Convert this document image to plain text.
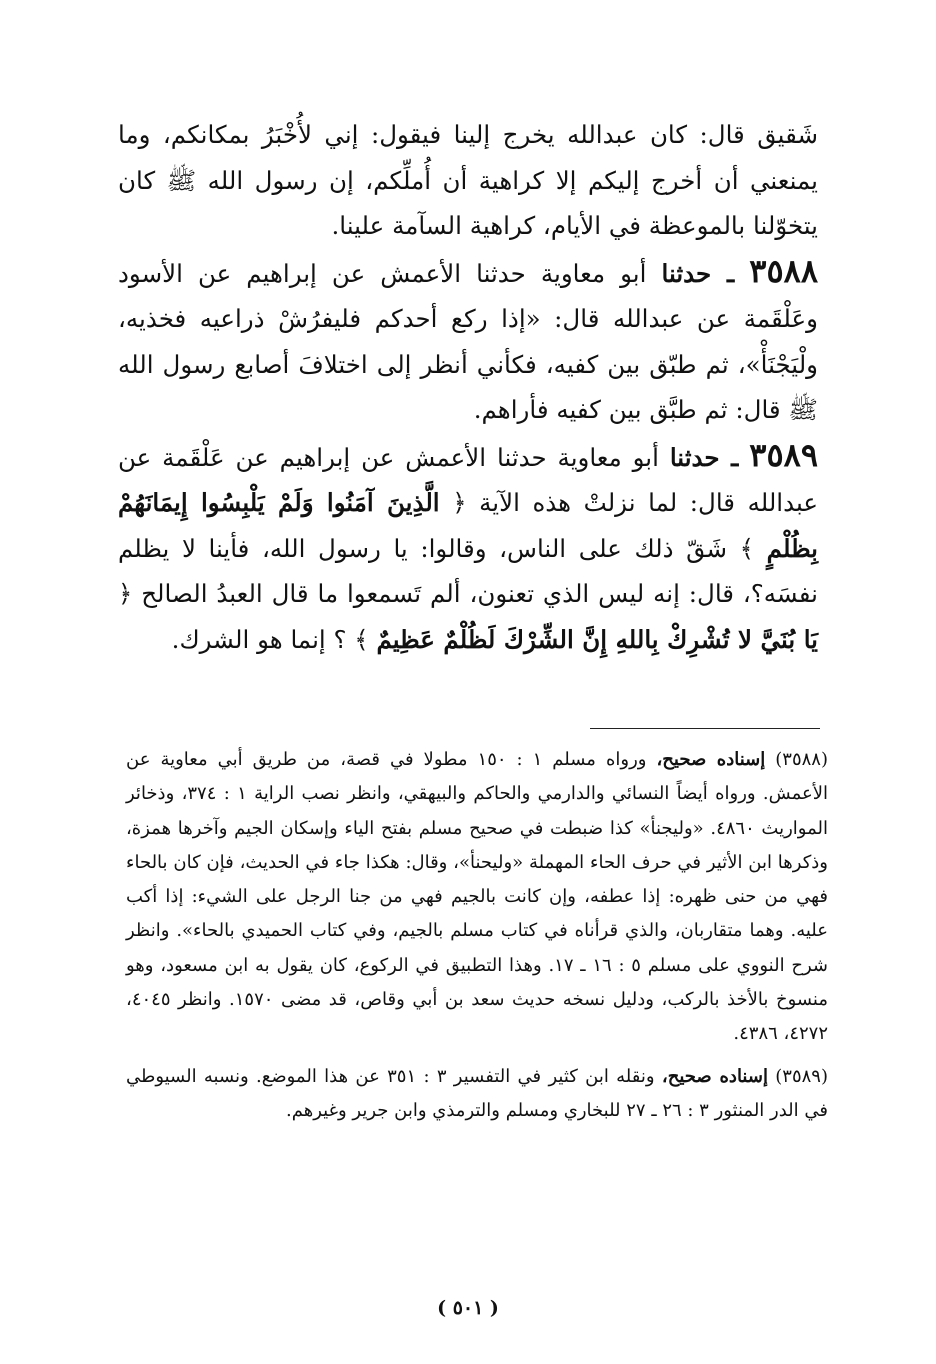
شَقيق قال: كان عبدالله يخرج إلينا فيقول: إني لأُخْبَرُ بمكانكم، وما يمنعني أن أخرج إليكم إلا كراهية أن أُملِّكم، إن رسول الله ﷺ كان يتخوّلنا بالموعظة في الأيام، كراهية السآمة علينا.

٣٥٨٨ ـ حدثنا أبو معاوية حدثنا الأعمش عن إبراهيم عن الأسود وعَلْقَمة عن عبدالله قال: «إذا ركع أحدكم فليفرُشْ ذراعيه فخذيه، ولْيَجْنَأْ»، ثم طبّق بين كفيه، فكأني أنظر إلى اختلافَ أصابع رسول الله ﷺ قال: ثم طبَّق بين كفيه فأراهم.

٣٥٨٩ ـ حدثنا أبو معاوية حدثنا الأعمش عن إبراهيم عن عَلْقَمة عن عبدالله قال: لما نزلتْ هذه الآية ﴿ الَّذِينَ آمَنُوا وَلَمْ يَلْبِسُوا إِيمَانَهُمْ بِظُلْمٍ ﴾ شَقّ ذلك على الناس، وقالوا: يا رسول الله، فأينا لا يظلم نفسَه؟، قال: إنه ليس الذي تعنون، ألم تَسمعوا ما قال العبدُ الصالح ﴿ يَا بُنَيَّ لا تُشْرِكْ بِاللهِ إِنَّ الشِّرْكَ لَظُلْمٌ عَظِيمٌ ﴾ ؟ إنما هو الشرك.

(٣٥٨٨) إسناده صحيح، ورواه مسلم ١ : ١٥٠ مطولا في قصة، من طريق أبي معاوية عن الأعمش. ورواه أيضاً النسائي والدارمي والحاكم والبيهقي، وانظر نصب الراية ١ : ٣٧٤، وذخائر المواريث ٤٨٦٠. «وليجنأ» كذا ضبطت في صحيح مسلم بفتح الياء وإسكان الجيم وآخرها همزة، وذكرها ابن الأثير في حرف الحاء المهملة «وليحنأ»، وقال: هكذا جاء في الحديث، فإن كان بالحاء فهي من حنى ظهره: إذا عطفه، وإن كانت بالجيم فهي من جنا الرجل على الشيء: إذا أكب عليه. وهما متقاربان، والذي قرأناه في كتاب مسلم بالجيم، وفي كتاب الحميدي بالحاء». وانظر شرح النووي على مسلم ٥ : ١٦ ـ ١٧. وهذا التطبيق في الركوع، كان يقول به ابن مسعود، وهو منسوخ بالأخذ بالركب، ودليل نسخه حديث سعد بن أبي وقاص، قد مضى ١٥٧٠. وانظر ٤٠٤٥، ٤٢٧٢، ٤٣٨٦.

(٣٥٨٩) إسناده صحيح، ونقله ابن كثير في التفسير ٣ : ٣٥١ عن هذا الموضع. ونسبه السيوطي في الدر المنثور ٣ : ٢٦ ـ ٢٧ للبخاري ومسلم والترمذي وابن جرير وغيرهم.

( ٥٠١ )
